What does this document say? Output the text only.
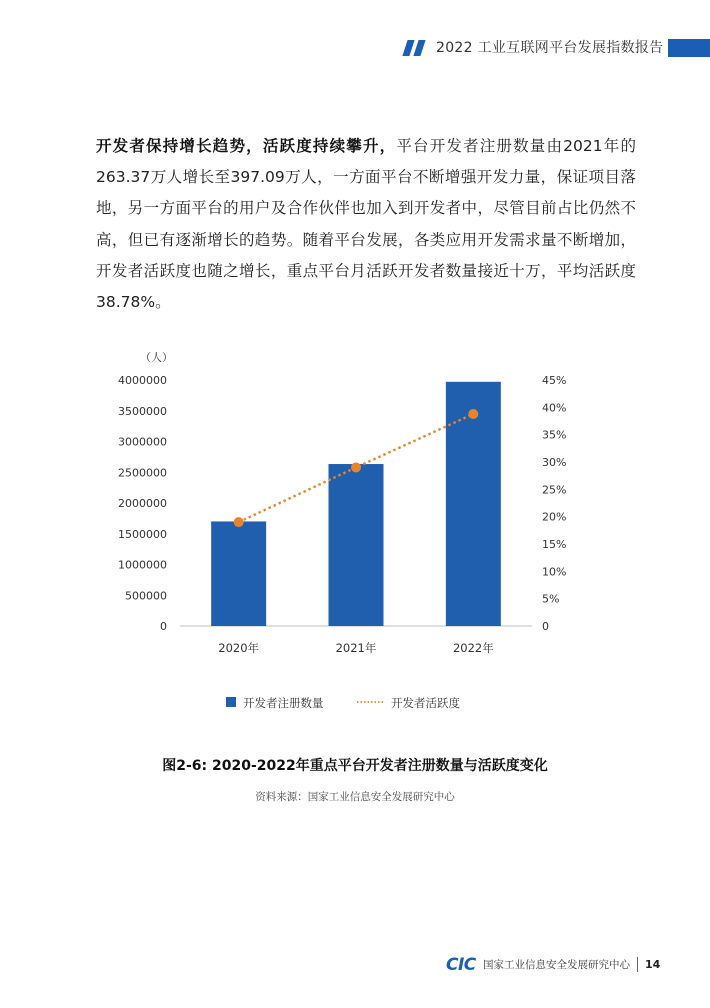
2022 工业互联网平台发展指数报告

开发者保持增长趋势，活跃度持续攀升，平台开发者注册数量由2021年的263.37万人增长至397.09万人，一方面平台不断增强开发力量，保证项目落地，另一方面平台的用户及合作伙伴也加入到开发者中，尽管目前占比仍然不高，但已有逐渐增长的趋势。随着平台发展，各类应用开发需求量不断增加，开发者活跃度也随之增长，重点平台月活跃开发者数量接近十万，平均活跃度38.78%。

（人）
0
500000
1000000
1500000
2000000
2500000
3000000
3500000
4000000
0
5%
10%
15%
20%
25%
30%
35%
40%
45%
2020年	2021年	2022年
开发者注册数量	开发者活跃度

图2-6: 2020-2022年重点平台开发者注册数量与活跃度变化

资料来源：国家工业信息安全发展研究中心

CIC 国家工业信息安全发展研究中心 14
